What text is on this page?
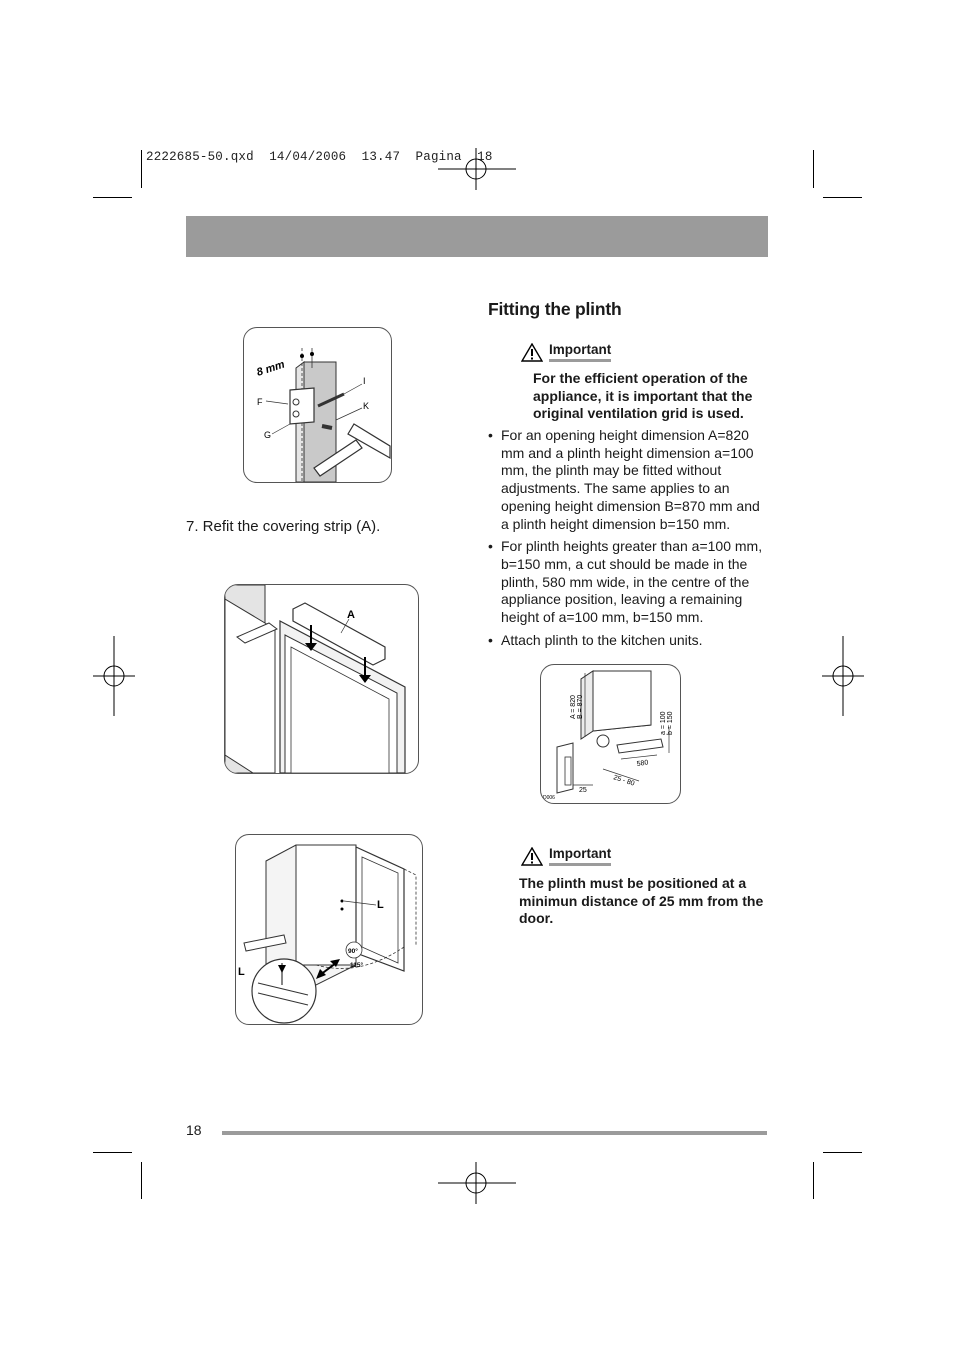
2222685-50.qxd  14/04/2006  13.47  Pagina  18
8 mm
I
F	K
G
7. Refit the covering strip (A).
A
L
90°
115°
L
Fitting the plinth
Important
For the efficient operation of the appliance, it is important that the original ventilation grid is used.
• For an opening height dimension A=820 mm and a plinth height dimension a=100 mm, the plinth may be fitted without adjustments. The same applies to an opening height dimension B=870 mm and a plinth height dimension b=150 mm.
• For plinth heights greater than a=100 mm, b=150 mm, a cut should be made in the plinth, 580 mm wide, in the centre of the appliance position, leaving a remaining height of a=100 mm, b=150 mm.
• Attach plinth to the kitchen units.
A = 820 B = 870
a = 100 b = 150
580
25 - 80
25
D006
Important
The plinth must be positioned at a minimun distance of 25 mm from the door.
18
